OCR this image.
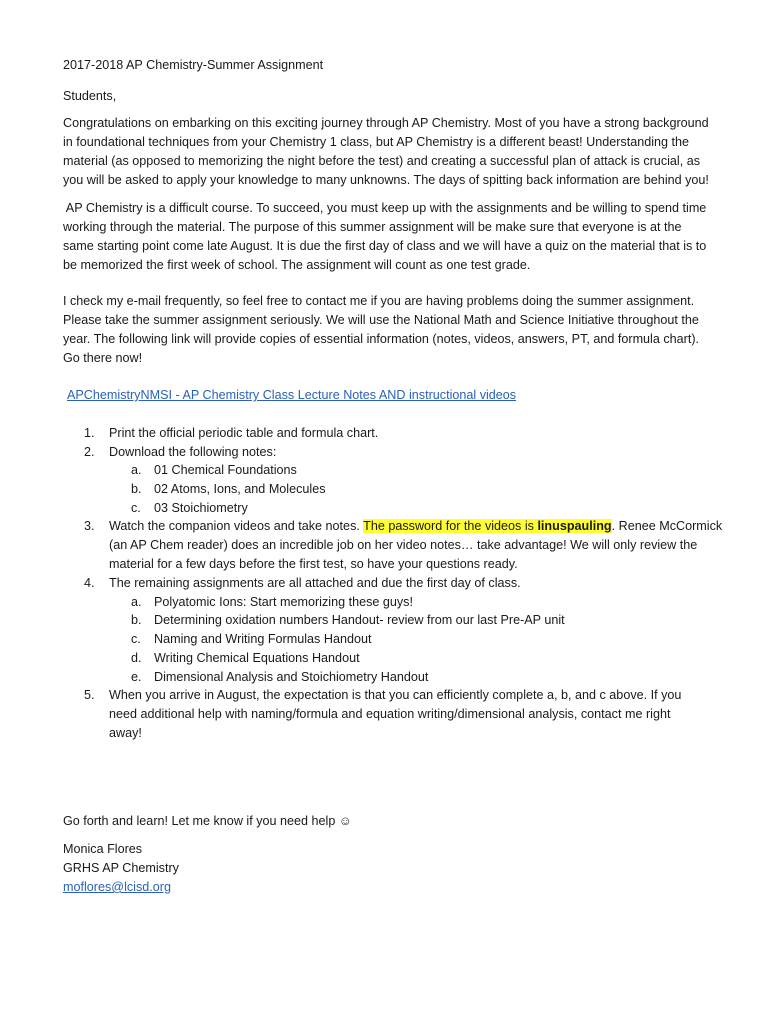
2017-2018 AP Chemistry-Summer Assignment
Students,
Congratulations on embarking on this exciting journey through AP Chemistry. Most of you have a strong background
in foundational techniques from your Chemistry 1 class, but AP Chemistry is a different beast! Understanding the
material (as opposed to memorizing the night before the test) and creating a successful plan of attack is crucial, as
you will be asked to apply your knowledge to many unknowns. The days of spitting back information are behind you!
AP Chemistry is a difficult course. To succeed, you must keep up with the assignments and be willing to spend time
working through the material. The purpose of this summer assignment will be make sure that everyone is at the
same starting point come late August. It is due the first day of class and we will have a quiz on the material that is to
be memorized the first week of school. The assignment will count as one test grade.
I check my e-mail frequently, so feel free to contact me if you are having problems doing the summer assignment.
Please take the summer assignment seriously. We will use the National Math and Science Initiative throughout the
year. The following link will provide copies of essential information (notes, videos, answers, PT, and formula chart).
Go there now!
APChemistryNMSI - AP Chemistry Class Lecture Notes AND instructional videos
1. Print the official periodic table and formula chart.
2. Download the following notes:
a. 01 Chemical Foundations
b. 02 Atoms, Ions, and Molecules
c. 03 Stoichiometry
3. Watch the companion videos and take notes. The password for the videos is linuspauling. Renee McCormick
(an AP Chem reader) does an incredible job on her video notes… take advantage! We will only review the
material for a few days before the first test, so have your questions ready.
4. The remaining assignments are all attached and due the first day of class.
a. Polyatomic Ions: Start memorizing these guys!
b. Determining oxidation numbers Handout- review from our last Pre-AP unit
c. Naming and Writing Formulas Handout
d. Writing Chemical Equations Handout
e. Dimensional Analysis and Stoichiometry Handout
5. When you arrive in August, the expectation is that you can efficiently complete a, b, and c above. If you
need additional help with naming/formula and equation writing/dimensional analysis, contact me right
away!
Go forth and learn! Let me know if you need help ☺
Monica Flores
GRHS AP Chemistry
moflores@lcisd.org
